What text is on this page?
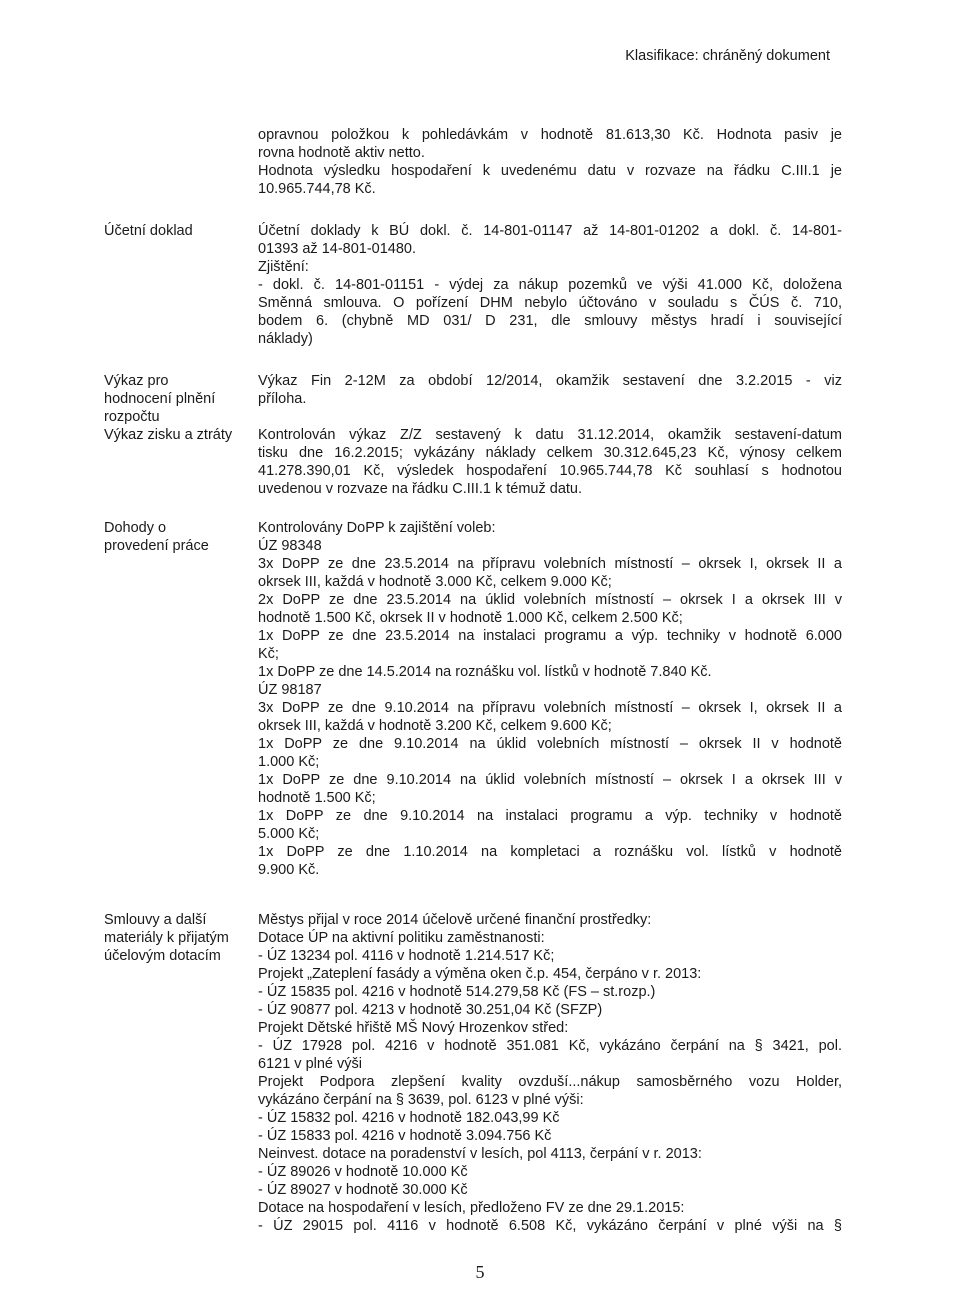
Klasifikace: chráněný dokument
opravnou položkou k pohledávkám v hodnotě 81.613,30 Kč. Hodnota pasiv je
rovna hodnotě aktiv netto.
Hodnota výsledku hospodaření k uvedenému datu v rozvaze na řádku C.III.1 je
10.965.744,78 Kč.
Účetní doklad	Účetní doklady k BÚ dokl. č. 14-801-01147 až 14-801-01202 a dokl. č. 14-801-
01393 až 14-801-01480.
Zjištění:
- dokl. č. 14-801-01151 - výdej za nákup pozemků ve výši 41.000 Kč, doložena
Směnná smlouva. O pořízení DHM nebylo účtováno v souladu s ČÚS č. 710,
bodem 6. (chybně MD 031/ D 231, dle smlouvy městys hradí i související
náklady)
Výkaz pro
hodnocení plnění
rozpočtu
Výkaz Fin 2-12M za období 12/2014, okamžik sestavení dne 3.2.2015 - viz
příloha.
Výkaz zisku a ztráty	Kontrolován výkaz Z/Z sestavený k datu 31.12.2014, okamžik sestavení-datum
tisku dne 16.2.2015; vykázány náklady celkem 30.312.645,23 Kč, výnosy celkem
41.278.390,01 Kč, výsledek hospodaření 10.965.744,78 Kč souhlasí s hodnotou
uvedenou v rozvaze na řádku C.III.1 k témuž datu.
Dohody o
provedení práce
Kontrolovány DoPP k zajištění voleb:
ÚZ 98348
3x DoPP ze dne 23.5.2014 na přípravu volebních místností – okrsek I, okrsek II a
okrsek III, každá v hodnotě 3.000 Kč, celkem 9.000 Kč;
2x DoPP ze dne 23.5.2014 na úklid volebních místností – okrsek I a okrsek III v
hodnotě 1.500 Kč, okrsek II v hodnotě 1.000 Kč, celkem 2.500 Kč;
1x DoPP ze dne 23.5.2014 na instalaci programu a výp. techniky v hodnotě 6.000
Kč;
1x DoPP ze dne 14.5.2014 na roznášku vol. lístků v hodnotě 7.840 Kč.
ÚZ 98187
3x DoPP ze dne 9.10.2014 na přípravu volebních místností – okrsek I, okrsek II a
okrsek III, každá v hodnotě 3.200 Kč, celkem 9.600 Kč;
1x DoPP ze dne 9.10.2014 na úklid volebních místností – okrsek II v hodnotě
1.000 Kč;
1x DoPP ze dne 9.10.2014 na úklid volebních místností – okrsek I a okrsek III v
hodnotě 1.500 Kč;
1x DoPP ze dne 9.10.2014 na instalaci programu a výp. techniky v hodnotě
5.000 Kč;
1x DoPP ze dne 1.10.2014 na kompletaci a roznášku vol. lístků v hodnotě
9.900 Kč.
Smlouvy a další
materiály k přijatým
účelovým dotacím
Městys přijal v roce 2014 účelově určené finanční prostředky:
Dotace ÚP na aktivní politiku zaměstnanosti:
- ÚZ 13234 pol. 4116 v hodnotě 1.214.517 Kč;
Projekt „Zateplení fasády a výměna oken č.p. 454, čerpáno v r. 2013:
- ÚZ 15835 pol. 4216 v hodnotě 514.279,58 Kč (FS – st.rozp.)
- ÚZ 90877 pol. 4213 v hodnotě 30.251,04 Kč (SFZP)
Projekt Dětské hřiště MŠ Nový Hrozenkov střed:
- ÚZ 17928 pol. 4216 v hodnotě 351.081 Kč, vykázáno čerpání na § 3421, pol.
6121 v plné výši
Projekt Podpora zlepšení kvality ovzduší...nákup samosběrného vozu Holder,
vykázáno čerpání na § 3639, pol. 6123 v plné výši:
- ÚZ 15832 pol. 4216 v hodnotě 182.043,99 Kč
- ÚZ 15833 pol. 4216 v hodnotě 3.094.756 Kč
Neinvest. dotace na poradenství v lesích, pol 4113, čerpání v r. 2013:
- ÚZ 89026 v hodnotě 10.000 Kč
- ÚZ 89027 v hodnotě 30.000 Kč
Dotace na hospodaření v lesích, předloženo FV ze dne 29.1.2015:
- ÚZ 29015 pol. 4116 v hodnotě 6.508 Kč, vykázáno čerpání v plné výši na §
5
